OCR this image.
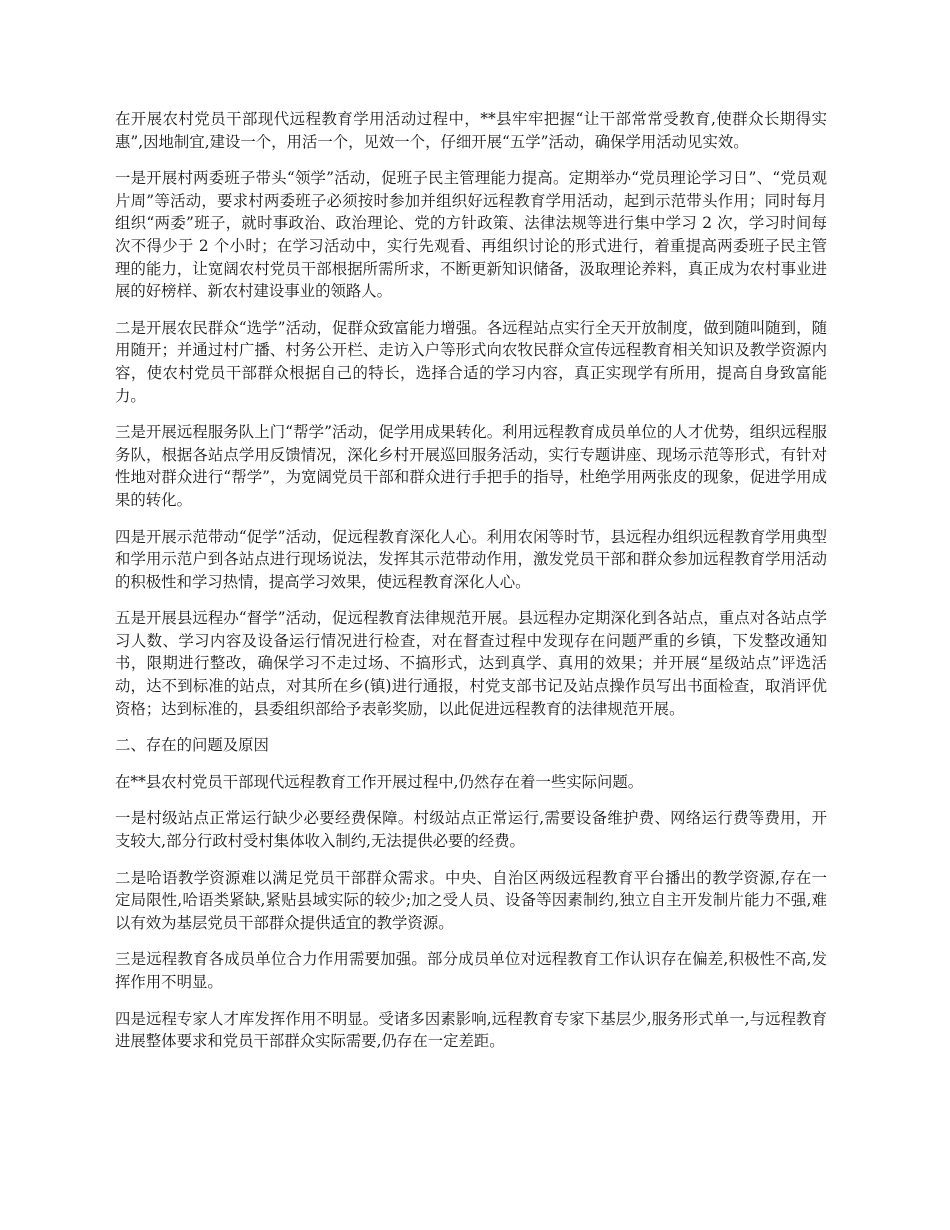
在开展农村党员干部现代远程教育学用活动过程中，**县牢牢把握“让干部常常受教育,使群众长期得实惠”,因地制宜,建设一个，用活一个，见效一个，仔细开展“五学”活动，确保学用活动见实效。

一是开展村两委班子带头“领学”活动，促班子民主管理能力提高。定期举办“党员理论学习日”、“党员观片周”等活动，要求村两委班子必须按时参加并组织好远程教育学用活动，起到示范带头作用；同时每月组织“两委”班子，就时事政治、政治理论、党的方针政策、法律法规等进行集中学习 2 次，学习时间每次不得少于 2 个小时；在学习活动中，实行先观看、再组织讨论的形式进行，着重提高两委班子民主管理的能力，让宽阔农村党员干部根据所需所求，不断更新知识储备，汲取理论养料，真正成为农村事业进展的好榜样、新农村建设事业的领路人。

二是开展农民群众“选学”活动，促群众致富能力增强。各远程站点实行全天开放制度，做到随叫随到，随用随开；并通过村广播、村务公开栏、走访入户等形式向农牧民群众宣传远程教育相关知识及教学资源内容，使农村党员干部群众根据自己的特长，选择合适的学习内容，真正实现学有所用，提高自身致富能力。

三是开展远程服务队上门“帮学”活动，促学用成果转化。利用远程教育成员单位的人才优势，组织远程服务队，根据各站点学用反馈情况，深化乡村开展巡回服务活动，实行专题讲座、现场示范等形式，有针对性地对群众进行“帮学”，为宽阔党员干部和群众进行手把手的指导，杜绝学用两张皮的现象，促进学用成果的转化。

四是开展示范带动“促学”活动，促远程教育深化人心。利用农闲等时节，县远程办组织远程教育学用典型和学用示范户到各站点进行现场说法，发挥其示范带动作用，激发党员干部和群众参加远程教育学用活动的积极性和学习热情，提高学习效果，使远程教育深化人心。

五是开展县远程办“督学”活动，促远程教育法律规范开展。县远程办定期深化到各站点，重点对各站点学习人数、学习内容及设备运行情况进行检查，对在督查过程中发现存在问题严重的乡镇，下发整改通知书，限期进行整改，确保学习不走过场、不搞形式，达到真学、真用的效果；并开展“星级站点”评选活动，达不到标准的站点，对其所在乡(镇)进行通报，村党支部书记及站点操作员写出书面检查，取消评优资格；达到标准的，县委组织部给予表彰奖励，以此促进远程教育的法律规范开展。

二、存在的问题及原因

在**县农村党员干部现代远程教育工作开展过程中,仍然存在着一些实际问题。

一是村级站点正常运行缺少必要经费保障。村级站点正常运行,需要设备维护费、网络运行费等费用，开支较大,部分行政村受村集体收入制约,无法提供必要的经费。

二是哈语教学资源难以满足党员干部群众需求。中央、自治区两级远程教育平台播出的教学资源,存在一定局限性,哈语类紧缺,紧贴县域实际的较少;加之受人员、设备等因素制约,独立自主开发制片能力不强,难以有效为基层党员干部群众提供适宜的教学资源。

三是远程教育各成员单位合力作用需要加强。部分成员单位对远程教育工作认识存在偏差,积极性不高,发挥作用不明显。

四是远程专家人才库发挥作用不明显。受诸多因素影响,远程教育专家下基层少,服务形式单一,与远程教育进展整体要求和党员干部群众实际需要,仍存在一定差距。
